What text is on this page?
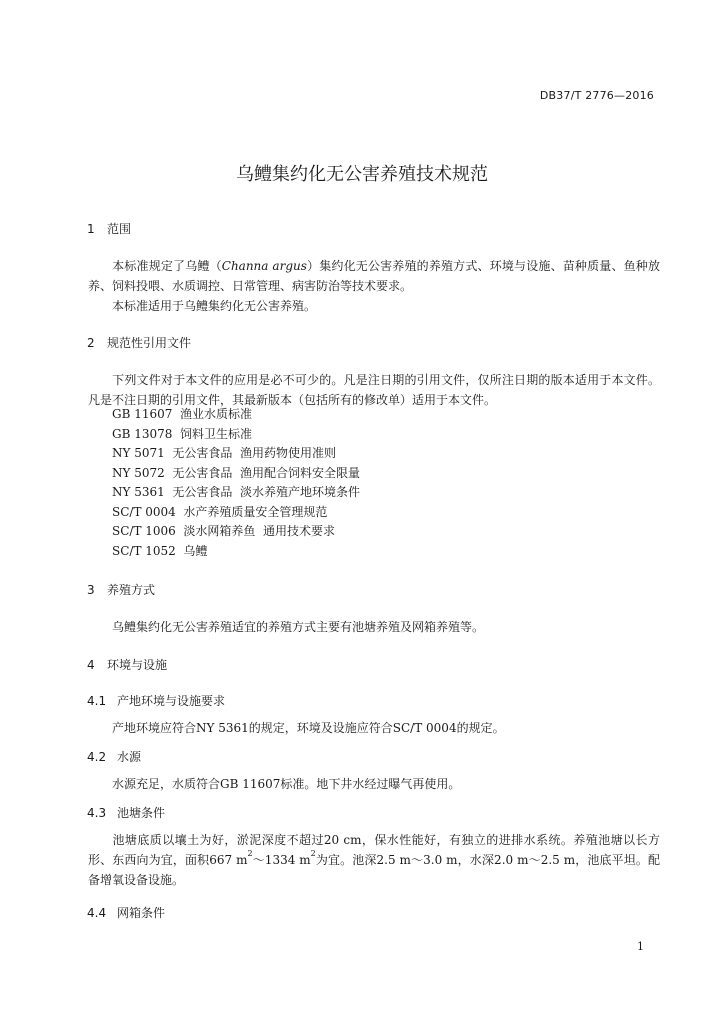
DB37/T 2776—2016
乌鳢集约化无公害养殖技术规范
1 范围
本标准规定了乌鳢（Channa argus）集约化无公害养殖的养殖方式、环境与设施、苗种质量、鱼种放养、饲料投喂、水质调控、日常管理、病害防治等技术要求。
本标准适用于乌鳢集约化无公害养殖。
2 规范性引用文件
下列文件对于本文件的应用是必不可少的。凡是注日期的引用文件，仅所注日期的版本适用于本文件。凡是不注日期的引用文件，其最新版本（包括所有的修改单）适用于本文件。
GB 11607  渔业水质标准
GB 13078  饲料卫生标准
NY 5071  无公害食品  渔用药物使用准则
NY 5072  无公害食品  渔用配合饲料安全限量
NY 5361  无公害食品  淡水养殖产地环境条件
SC/T 0004  水产养殖质量安全管理规范
SC/T 1006  淡水网箱养鱼  通用技术要求
SC/T 1052  乌鳢
3 养殖方式
乌鳢集约化无公害养殖适宜的养殖方式主要有池塘养殖及网箱养殖等。
4 环境与设施
4.1 产地环境与设施要求
产地环境应符合NY 5361的规定，环境及设施应符合SC/T 0004的规定。
4.2 水源
水源充足，水质符合GB 11607标准。地下井水经过曝气再使用。
4.3 池塘条件
池塘底质以壤土为好，淤泥深度不超过20 cm，保水性能好，有独立的进排水系统。养殖池塘以长方形、东西向为宜，面积667 $m^2\sim 1334$ $m^2$为宜。池深2.5 m～3.0 m，水深2.0 m～2.5 m，池底平坦。配备增氧设备设施。
4.4 网箱条件
1
